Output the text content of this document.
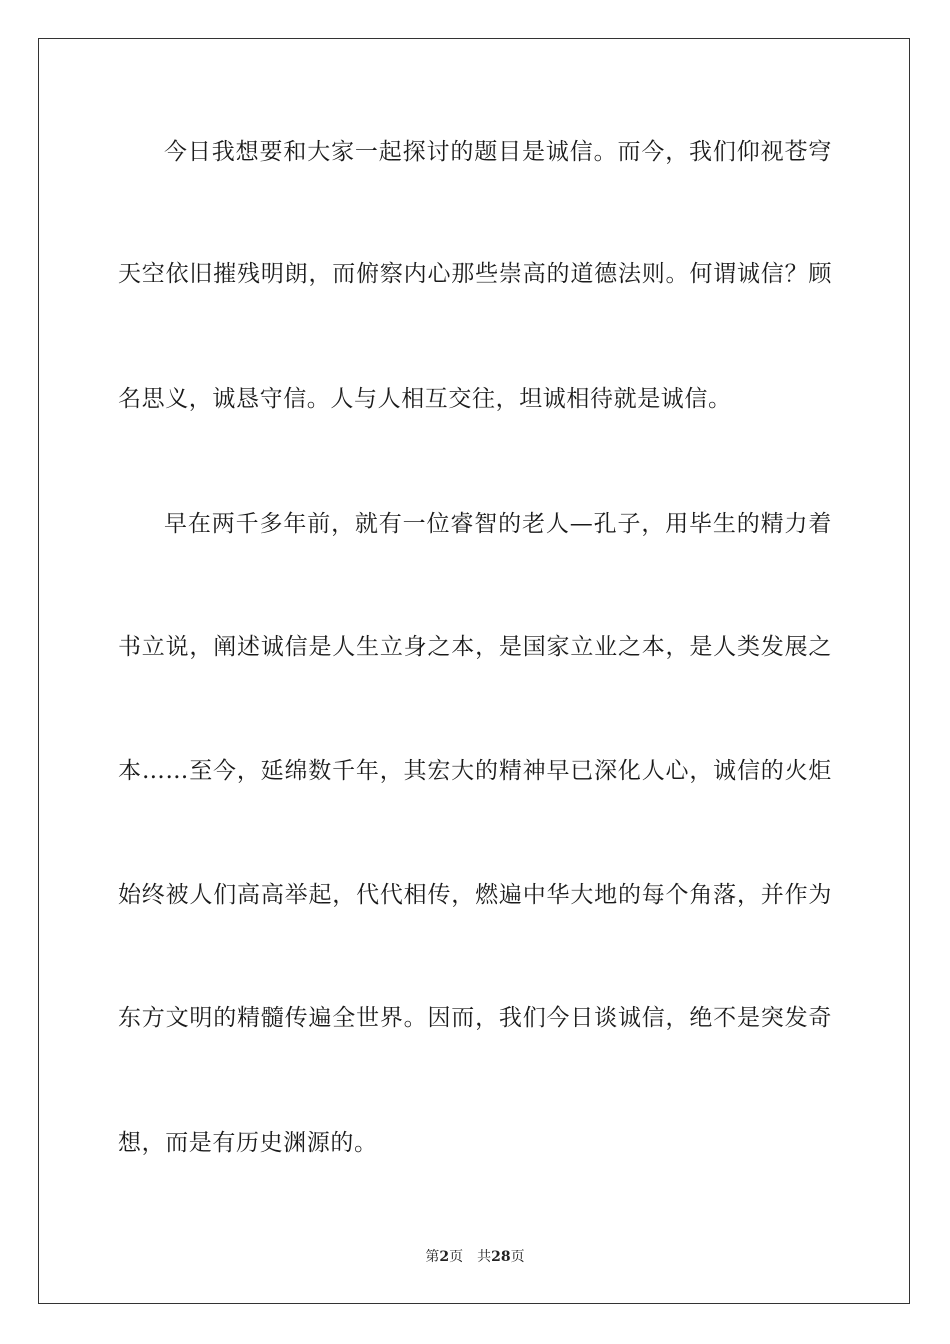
今日我想要和大家一起探讨的题目是诚信。而今，我们仰视苍穹
天空依旧摧残明朗，而俯察内心那些崇高的道德法则。何谓诚信？顾
名思义，诚恳守信。人与人相互交往，坦诚相待就是诚信。
早在两千多年前，就有一位睿智的老人—孔子，用毕生的精力着
书立说，阐述诚信是人生立身之本，是国家立业之本，是人类发展之
本……至今，延绵数千年，其宏大的精神早已深化人心，诚信的火炬
始终被人们高高举起，代代相传，燃遍中华大地的每个角落，并作为
东方文明的精髓传遍全世界。因而，我们今日谈诚信，绝不是突发奇
想，而是有历史渊源的。
第2页 共28页
